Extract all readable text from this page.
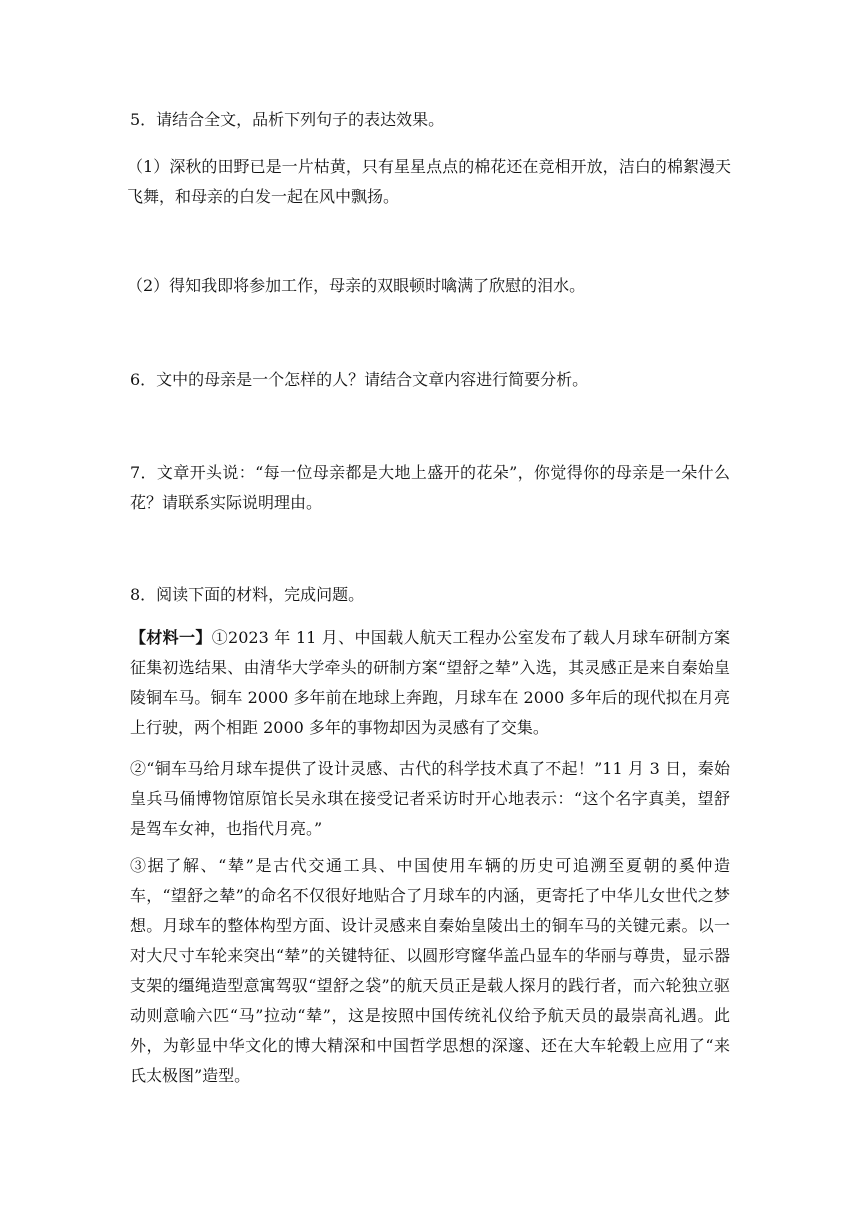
5．请结合全文，品析下列句子的表达效果。

（1）深秋的田野已是一片枯黄，只有星星点点的棉花还在竞相开放，洁白的棉絮漫天飞舞，和母亲的白发一起在风中飘扬。

（2）得知我即将参加工作，母亲的双眼顿时噙满了欣慰的泪水。

6．文中的母亲是一个怎样的人？请结合文章内容进行简要分析。

7．文章开头说：“每一位母亲都是大地上盛开的花朵”，你觉得你的母亲是一朵什么花？请联系实际说明理由。

8．阅读下面的材料，完成问题。

【材料一】①2023 年 11 月、中国载人航天工程办公室发布了载人月球车研制方案征集初选结果、由清华大学牵头的研制方案“望舒之辇”入选，其灵感正是来自秦始皇陵铜车马。铜车 2000 多年前在地球上奔跑，月球车在 2000 多年后的现代拟在月亮上行驶，两个相距 2000 多年的事物却因为灵感有了交集。

②“铜车马给月球车提供了设计灵感、古代的科学技术真了不起！”11 月 3 日，秦始皇兵马俑博物馆原馆长吴永琪在接受记者采访时开心地表示：“这个名字真美，望舒是驾车女神，也指代月亮。”

③据了解、“辇”是古代交通工具、中国使用车辆的历史可追溯至夏朝的奚仲造车，“望舒之辇”的命名不仅很好地贴合了月球车的内涵，更寄托了中华儿女世代之梦想。月球车的整体构型方面、设计灵感来自秦始皇陵出土的铜车马的关键元素。以一对大尺寸车轮来突出“辇”的关键特征、以圆形穹窿华盖凸显车的华丽与尊贵，显示器支架的缰绳造型意寓驾驭“望舒之袋”的航天员正是载人探月的践行者，而六轮独立驱动则意喻六匹“马”拉动“辇”，这是按照中国传统礼仪给予航天员的最崇高礼遇。此外，为彰显中华文化的博大精深和中国哲学思想的深邃、还在大车轮毂上应用了“来氏太极图”造型。
